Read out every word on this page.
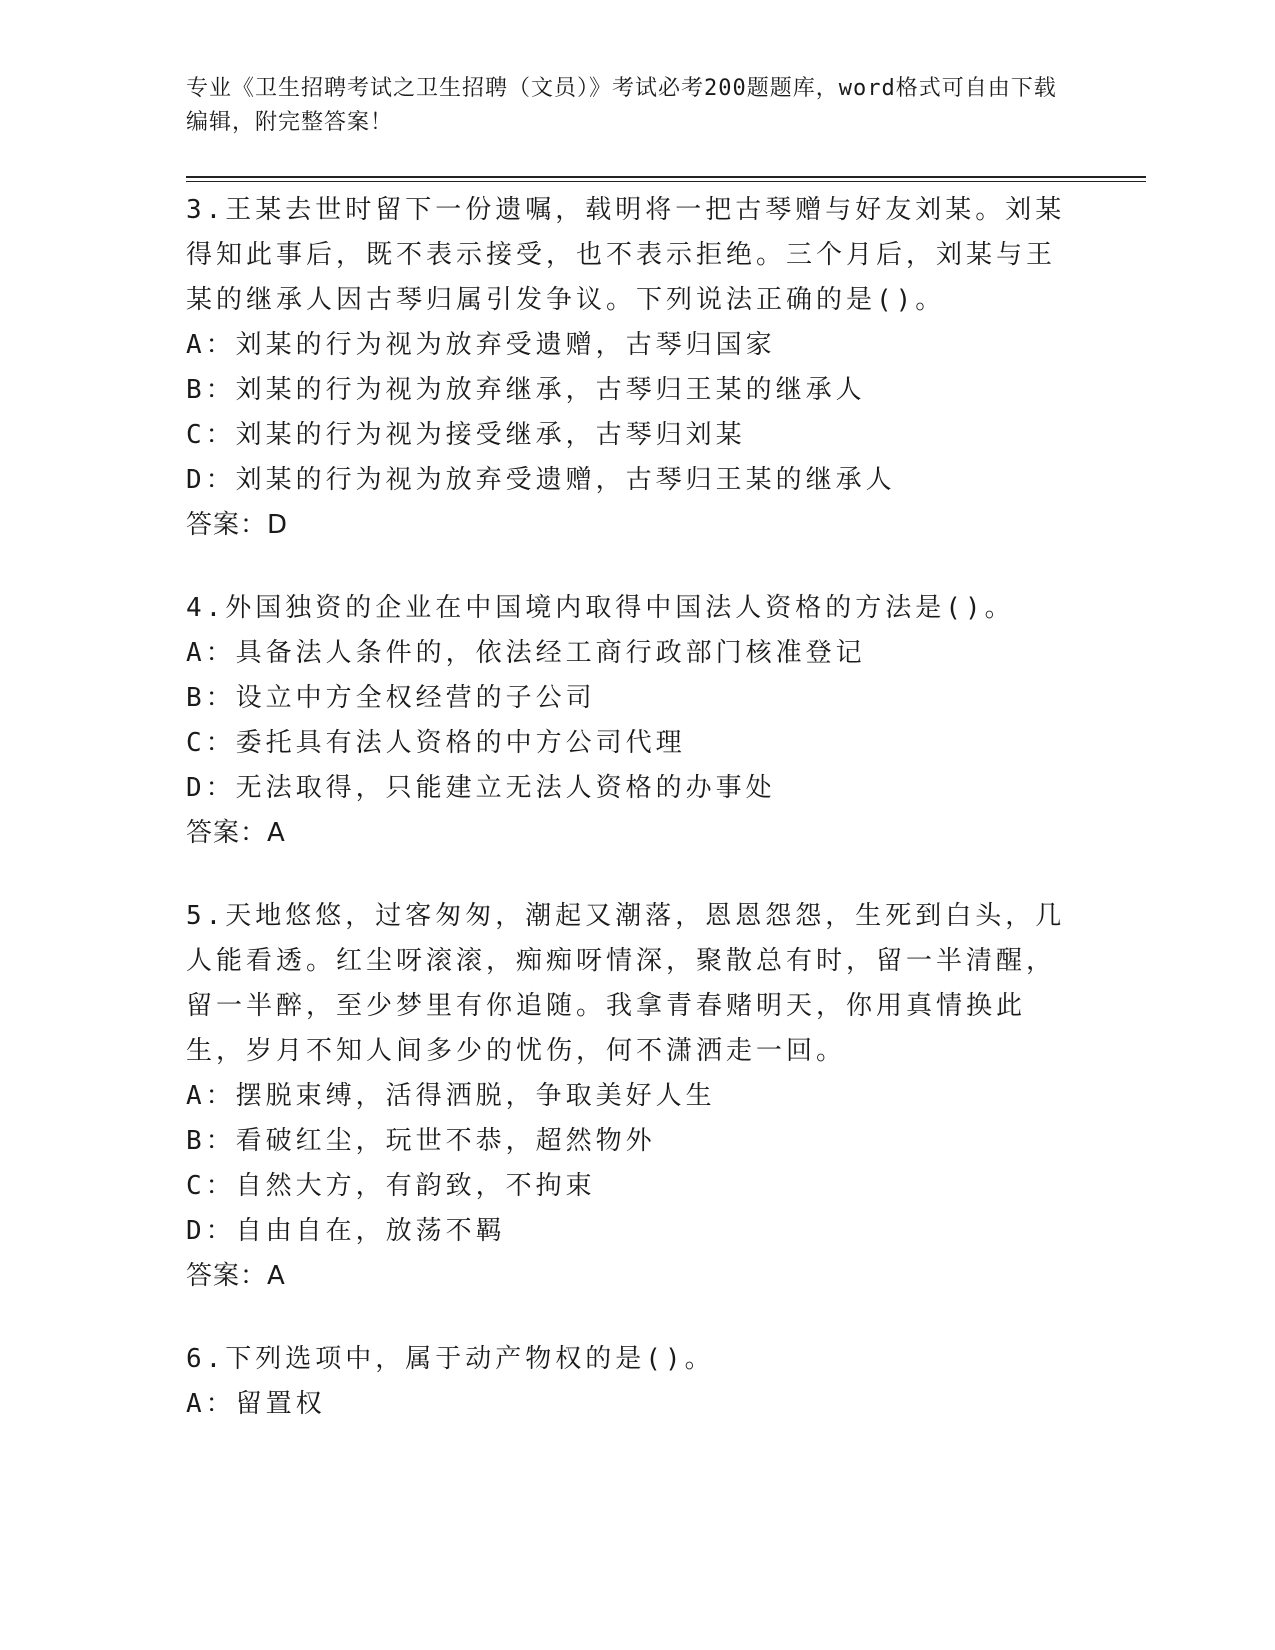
专业《卫生招聘考试之卫生招聘（文员）》考试必考200题题库，word格式可自由下载编辑，附完整答案！

3.王某去世时留下一份遗嘱，载明将一把古琴赠与好友刘某。刘某得知此事后，既不表示接受，也不表示拒绝。三个月后，刘某与王某的继承人因古琴归属引发争议。下列说法正确的是()。

A：刘某的行为视为放弃受遗赠，古琴归国家

B：刘某的行为视为放弃继承，古琴归王某的继承人

C：刘某的行为视为接受继承，古琴归刘某

D：刘某的行为视为放弃受遗赠，古琴归王某的继承人

答案：D

4.外国独资的企业在中国境内取得中国法人资格的方法是()。

A：具备法人条件的，依法经工商行政部门核准登记

B：设立中方全权经营的子公司

C：委托具有法人资格的中方公司代理

D：无法取得，只能建立无法人资格的办事处

答案：A

5.天地悠悠，过客匆匆，潮起又潮落，恩恩怨怨，生死到白头，几人能看透。红尘呀滚滚，痴痴呀情深，聚散总有时，留一半清醒，留一半醉，至少梦里有你追随。我拿青春赌明天，你用真情换此生，岁月不知人间多少的忧伤，何不潇洒走一回。

A：摆脱束缚，活得洒脱，争取美好人生

B：看破红尘，玩世不恭，超然物外

C：自然大方，有韵致，不拘束

D：自由自在，放荡不羁

答案：A

6.下列选项中，属于动产物权的是()。

A：留置权
